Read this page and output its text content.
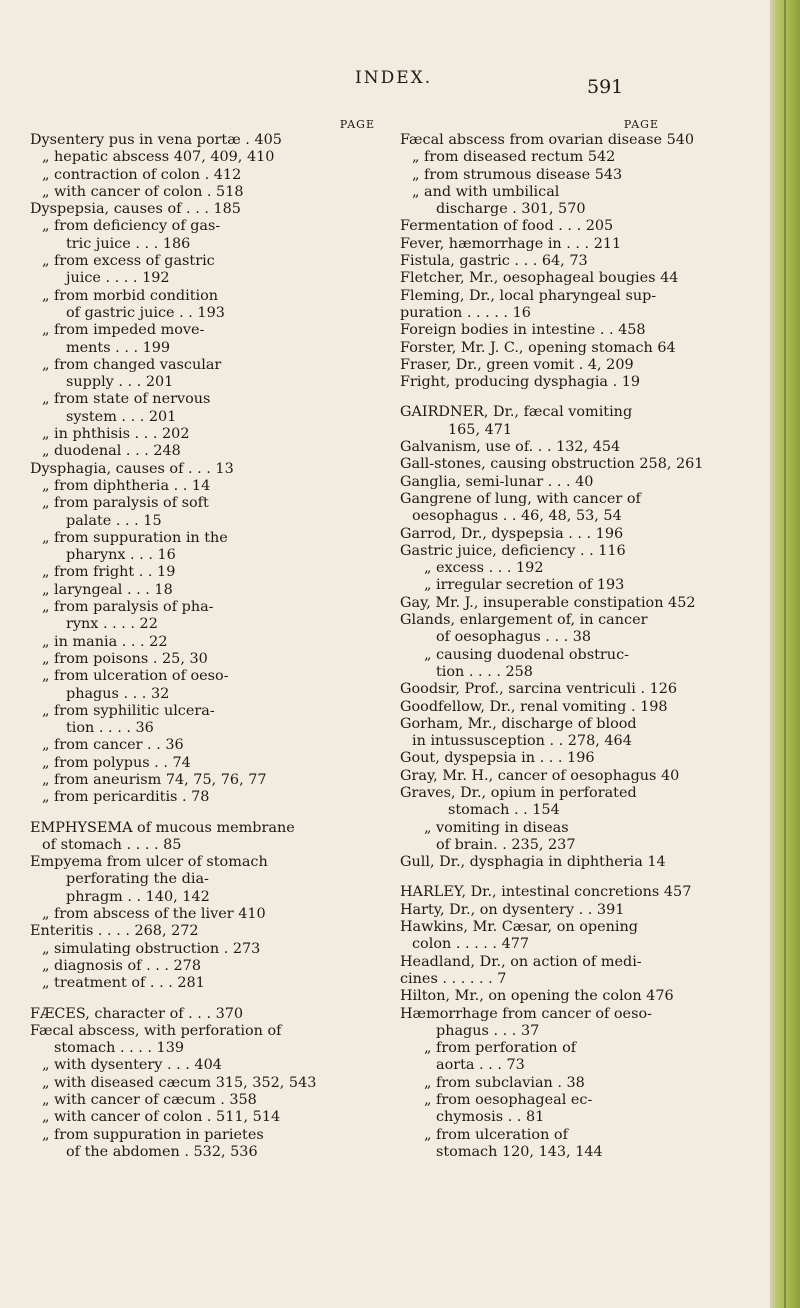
INDEX.	591
PAGE
Dysentery pus in vena portæ . 405
„ hepatic abscess 407, 409, 410
„ contraction of colon . 412
„ with cancer of colon . 518
Dyspepsia, causes of . . . 185
„ from deficiency of gas-
tric juice . . . 186
„ from excess of gastric
juice . . . . 192
„ from morbid condition
of gastric juice . . 193
„ from impeded move-
ments . . . 199
„ from changed vascular
supply . . . 201
„ from state of nervous
system . . . 201
„ in phthisis . . . 202
„ duodenal . . . 248
Dysphagia, causes of . . . 13
„ from diphtheria . . 14
„ from paralysis of soft
palate . . . 15
„ from suppuration in the
pharynx . . . 16
„ from fright . . 19
„ laryngeal . . . 18
„ from paralysis of pha-
rynx . . . . 22
„ in mania . . . 22
„ from poisons . 25, 30
„ from ulceration of oeso-
phagus . . . 32
„ from syphilitic ulcera-
tion . . . . 36
„ from cancer . . 36
„ from polypus . . 74
„ from aneurism 74, 75, 76, 77
„ from pericarditis . 78
EMPHYSEMA of mucous membrane
of stomach . . . . 85
Empyema from ulcer of stomach
perforating the dia-
phragm . . 140, 142
„ from abscess of the liver 410
Enteritis . . . . 268, 272
„ simulating obstruction . 273
„ diagnosis of . . . 278
„ treatment of . . . 281
FÆCES, character of . . . 370
Fæcal abscess, with perforation of
stomach . . . . 139
„ with dysentery . . . 404
„ with diseased cæcum 315, 352, 543
„ with cancer of cæcum . 358
„ with cancer of colon . 511, 514
„ from suppuration in parietes
of the abdomen . 532, 536
PAGE
Fæcal abscess from ovarian disease 540
„ from diseased rectum 542
„ from strumous disease 543
„ and with umbilical
discharge . 301, 570
Fermentation of food . . . 205
Fever, hæmorrhage in . . . 211
Fistula, gastric . . . 64, 73
Fletcher, Mr., oesophageal bougies 44
Fleming, Dr., local pharyngeal sup-
puration . . . . . 16
Foreign bodies in intestine . . 458
Forster, Mr. J. C., opening stomach 64
Fraser, Dr., green vomit . 4, 209
Fright, producing dysphagia . 19
GAIRDNER, Dr., fæcal vomiting
165, 471
Galvanism, use of. . . 132, 454
Gall-stones, causing obstruction 258, 261
Ganglia, semi-lunar . . . 40
Gangrene of lung, with cancer of
oesophagus . . 46, 48, 53, 54
Garrod, Dr., dyspepsia . . . 196
Gastric juice, deficiency . . 116
„ excess . . . 192
„ irregular secretion of 193
Gay, Mr. J., insuperable constipation 452
Glands, enlargement of, in cancer
of oesophagus . . . 38
„ causing duodenal obstruc-
tion . . . . 258
Goodsir, Prof., sarcina ventriculi . 126
Goodfellow, Dr., renal vomiting . 198
Gorham, Mr., discharge of blood
in intussusception . . 278, 464
Gout, dyspepsia in . . . 196
Gray, Mr. H., cancer of oesophagus 40
Graves, Dr., opium in perforated
stomach . . 154
„ vomiting in diseas
of brain. . 235, 237
Gull, Dr., dysphagia in diphtheria 14
HARLEY, Dr., intestinal concretions 457
Harty, Dr., on dysentery . . 391
Hawkins, Mr. Cæsar, on opening
colon . . . . . 477
Headland, Dr., on action of medi-
cines . . . . . . 7
Hilton, Mr., on opening the colon 476
Hæmorrhage from cancer of oeso-
phagus . . . 37
„ from perforation of
aorta . . . 73
„ from subclavian . 38
„ from oesophageal ec-
chymosis . . 81
„ from ulceration of
stomach 120, 143, 144
